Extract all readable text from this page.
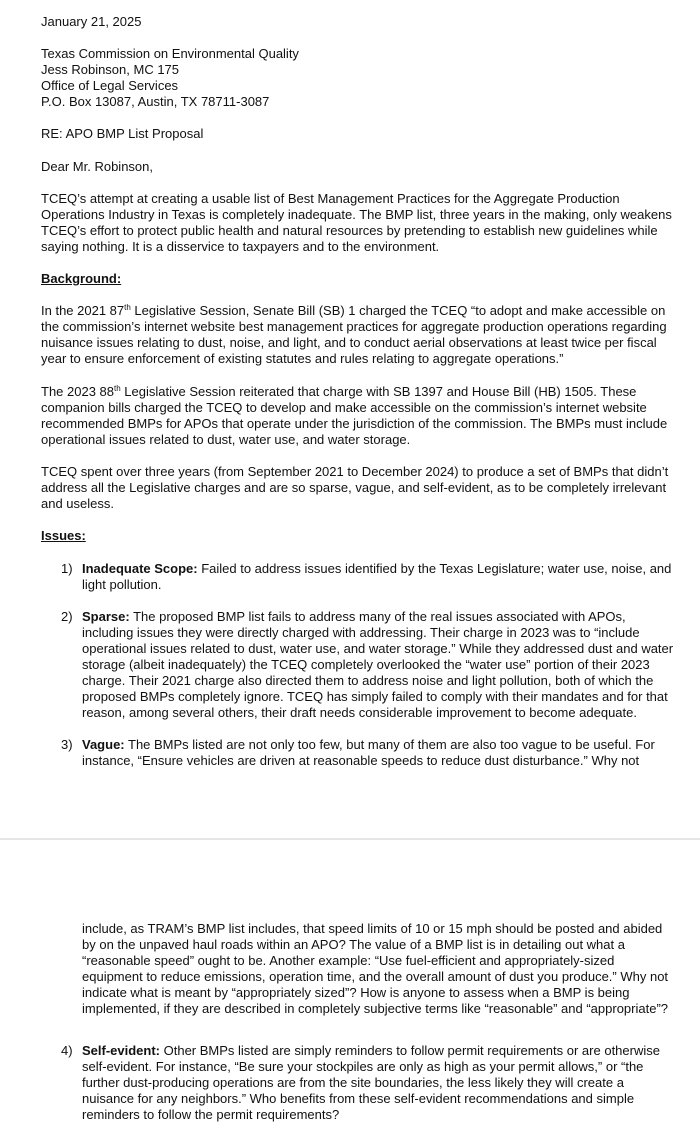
January 21, 2025

Texas Commission on Environmental Quality
Jess Robinson, MC 175
Office of Legal Services
P.O. Box 13087, Austin, TX 78711-3087

RE: APO BMP List Proposal

Dear Mr. Robinson,

TCEQ’s attempt at creating a usable list of Best Management Practices for the Aggregate Production
Operations Industry in Texas is completely inadequate. The BMP list, three years in the making, only weakens
TCEQ’s effort to protect public health and natural resources by pretending to establish new guidelines while
saying nothing. It is a disservice to taxpayers and to the environment.

Background:

In the 2021 87th Legislative Session, Senate Bill (SB) 1 charged the TCEQ “to adopt and make accessible on
the commission’s internet website best management practices for aggregate production operations regarding
nuisance issues relating to dust, noise, and light, and to conduct aerial observations at least twice per fiscal
year to ensure enforcement of existing statutes and rules relating to aggregate operations.”
The 2023 88th Legislative Session reiterated that charge with SB 1397 and House Bill (HB) 1505. These
companion bills charged the TCEQ to develop and make accessible on the commission’s internet website
recommended BMPs for APOs that operate under the jurisdiction of the commission. The BMPs must include
operational issues related to dust, water use, and water storage.
TCEQ spent over three years (from September 2021 to December 2024) to produce a set of BMPs that didn’t
address all the Legislative charges and are so sparse, vague, and self-evident, as to be completely irrelevant
and useless.

Issues:

1) Inadequate Scope: Failed to address issues identified by the Texas Legislature; water use, noise, and
light pollution.
2) Sparse: The proposed BMP list fails to address many of the real issues associated with APOs,
including issues they were directly charged with addressing. Their charge in 2023 was to “include
operational issues related to dust, water use, and water storage.” While they addressed dust and water
storage (albeit inadequately) the TCEQ completely overlooked the “water use” portion of their 2023
charge. Their 2021 charge also directed them to address noise and light pollution, both of which the
proposed BMPs completely ignore. TCEQ has simply failed to comply with their mandates and for that
reason, among several others, their draft needs considerable improvement to become adequate.
3) Vague: The BMPs listed are not only too few, but many of them are also too vague to be useful. For
instance, “Ensure vehicles are driven at reasonable speeds to reduce dust disturbance.” Why not
include, as TRAM’s BMP list includes, that speed limits of 10 or 15 mph should be posted and abided
by on the unpaved haul roads within an APO? The value of a BMP list is in detailing out what a
“reasonable speed” ought to be. Another example: “Use fuel-efficient and appropriately-sized
equipment to reduce emissions, operation time, and the overall amount of dust you produce.” Why not
indicate what is meant by “appropriately sized”? How is anyone to assess when a BMP is being
implemented, if they are described in completely subjective terms like “reasonable” and “appropriate”?
4) Self-evident: Other BMPs listed are simply reminders to follow permit requirements or are otherwise
self-evident. For instance, “Be sure your stockpiles are only as high as your permit allows,” or “the
further dust-producing operations are from the site boundaries, the less likely they will create a
nuisance for any neighbors.” Who benefits from these self-evident recommendations and simple
reminders to follow the permit requirements?
